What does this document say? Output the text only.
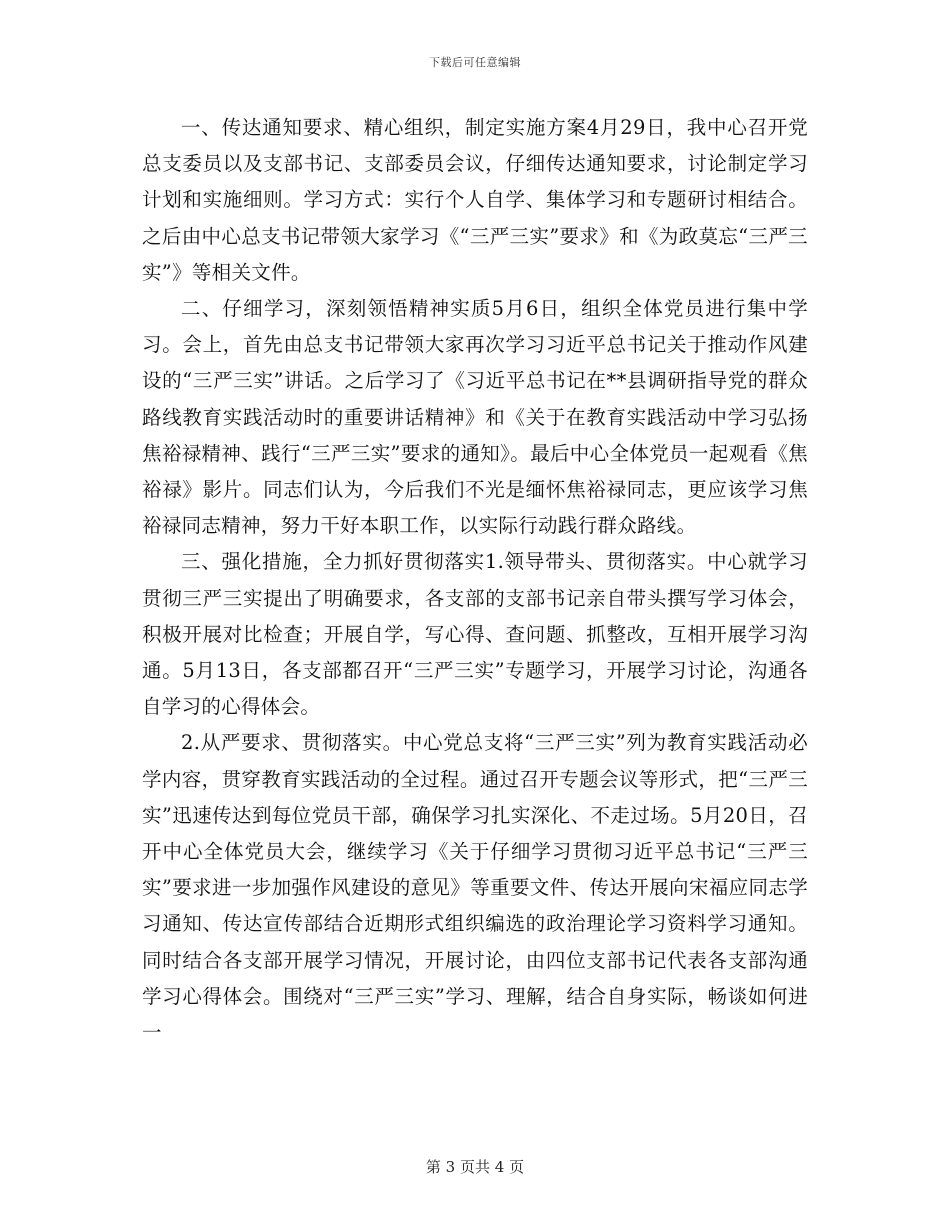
下载后可任意编辑

一、传达通知要求、精心组织，制定实施方案4月29日，我中心召开党总支委员以及支部书记、支部委员会议，仔细传达通知要求，讨论制定学习计划和实施细则。学习方式：实行个人自学、集体学习和专题研讨相结合。之后由中心总支书记带领大家学习《“三严三实”要求》和《为政莫忘“三严三实”》等相关文件。

二、仔细学习，深刻领悟精神实质5月6日，组织全体党员进行集中学习。会上，首先由总支书记带领大家再次学习习近平总书记关于推动作风建设的“三严三实”讲话。之后学习了《习近平总书记在**县调研指导党的群众路线教育实践活动时的重要讲话精神》和《关于在教育实践活动中学习弘扬焦裕禄精神、践行“三严三实”要求的通知》。最后中心全体党员一起观看《焦裕禄》影片。同志们认为，今后我们不光是缅怀焦裕禄同志，更应该学习焦裕禄同志精神，努力干好本职工作，以实际行动践行群众路线。

三、强化措施，全力抓好贯彻落实1.领导带头、贯彻落实。中心就学习贯彻三严三实提出了明确要求，各支部的支部书记亲自带头撰写学习体会，积极开展对比检查；开展自学，写心得、查问题、抓整改，互相开展学习沟通。5月13日，各支部都召开“三严三实”专题学习，开展学习讨论，沟通各自学习的心得体会。

2.从严要求、贯彻落实。中心党总支将“三严三实”列为教育实践活动必学内容，贯穿教育实践活动的全过程。通过召开专题会议等形式，把“三严三实”迅速传达到每位党员干部，确保学习扎实深化、不走过场。5月20日，召开中心全体党员大会，继续学习《关于仔细学习贯彻习近平总书记“三严三实”要求进一步加强作风建设的意见》等重要文件、传达开展向宋福应同志学习通知、传达宣传部结合近期形式组织编选的政治理论学习资料学习通知。同时结合各支部开展学习情况，开展讨论，由四位支部书记代表各支部沟通学习心得体会。围绕对“三严三实”学习、理解，结合自身实际，畅谈如何进一

第 3 页共 4 页
